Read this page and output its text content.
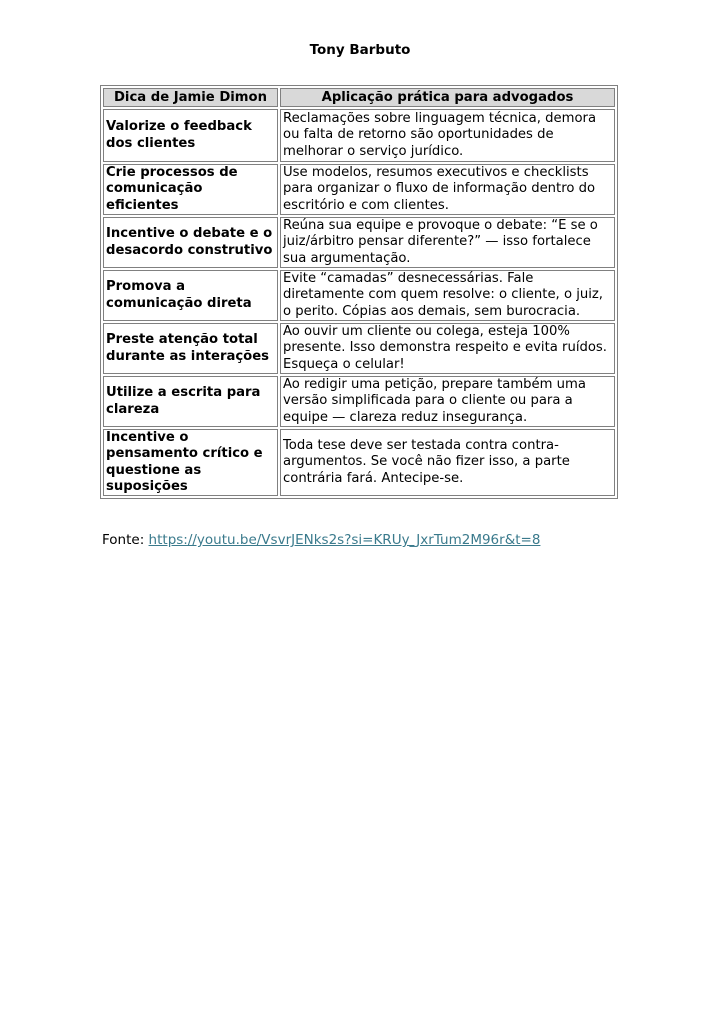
Tony Barbuto
Dica de Jamie Dimon	Aplicação prática para advogados
Valorize o feedback dos clientes	Reclamações sobre linguagem técnica, demora ou falta de retorno são oportunidades de melhorar o serviço jurídico.
Crie processos de comunicação eficientes	Use modelos, resumos executivos e checklists para organizar o fluxo de informação dentro do escritório e com clientes.
Incentive o debate e o desacordo construtivo	Reúna sua equipe e provoque o debate: “E se o juiz/árbitro pensar diferente?” — isso fortalece sua argumentação.
Promova a comunicação direta	Evite “camadas” desnecessárias. Fale diretamente com quem resolve: o cliente, o juiz, o perito. Cópias aos demais, sem burocracia.
Preste atenção total durante as interações	Ao ouvir um cliente ou colega, esteja 100% presente. Isso demonstra respeito e evita ruídos. Esqueça o celular!
Utilize a escrita para clareza	Ao redigir uma petição, prepare também uma versão simplificada para o cliente ou para a equipe — clareza reduz insegurança.
Incentive o pensamento crítico e questione as suposições	Toda tese deve ser testada contra contra-argumentos. Se você não fizer isso, a parte contrária fará. Antecipe-se.
Fonte: https://youtu.be/VsvrJENks2s?si=KRUy_JxrTum2M96r&t=8
